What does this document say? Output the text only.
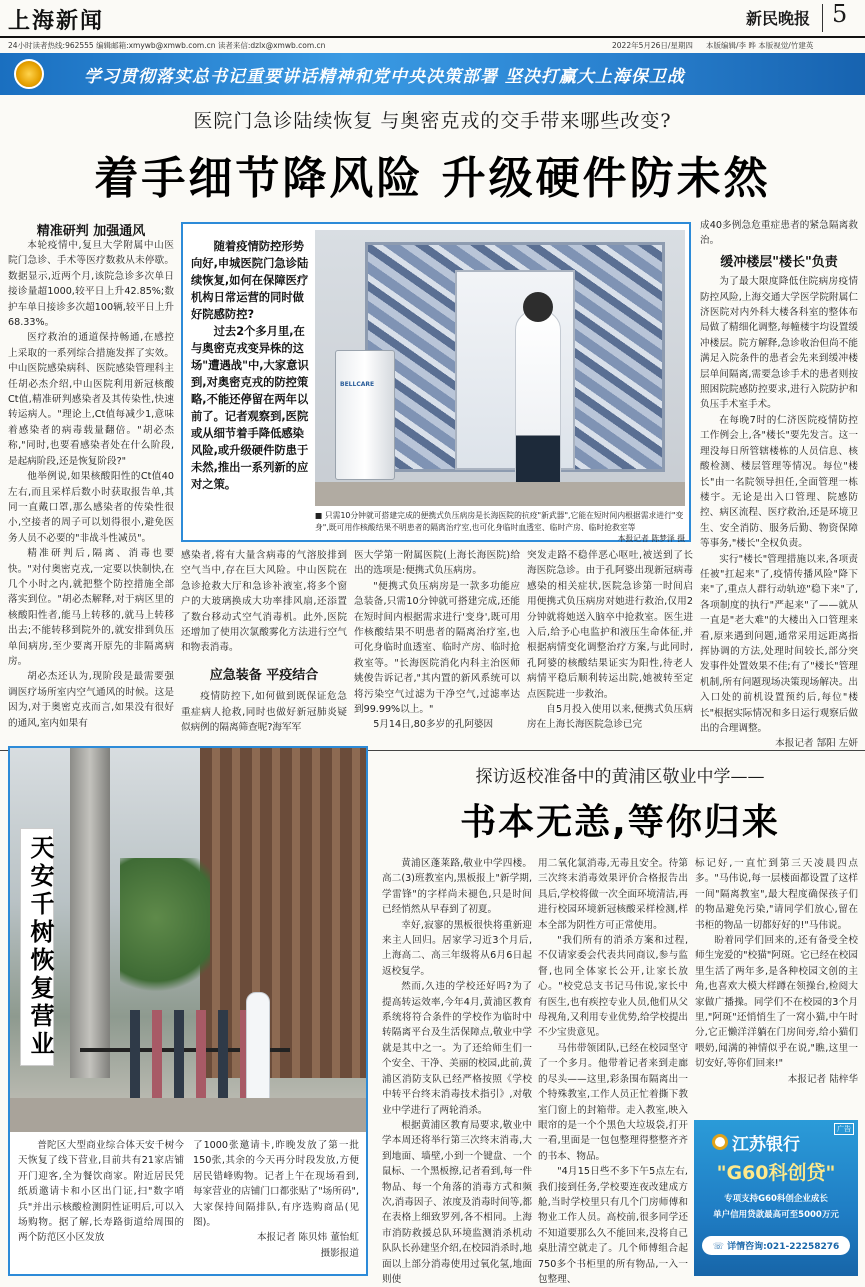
上海新闻	新民晚报 5
24小时读者热线:962555 编辑邮箱:xmywb@xmwb.com.cn 读者来信:dzlx@xmwb.com.cn	2022年5月26日/星期四 本版编辑/李 晔 本版视觉/竹建英
学习贯彻落实总书记重要讲话精神和党中央决策部署 坚决打赢大上海保卫战
医院门急诊陆续恢复 与奥密克戎的交手带来哪些改变?
着手细节降风险 升级硬件防未然
精准研判 加强通风

本轮疫情中,复旦大学附属中山医院门急诊、手术等医疗数救从未停歇。数据显示,近两个月,该院急诊多次单日接诊量超1000,较平日上升42.85%;数护车单日接诊多次超100辆,较平日上升68.33%。

医疗救治的通道保持畅通,在感控上采取的一系列综合措施发挥了实效。中山医院感染病科、医院感染管理科主任胡必杰介绍,中山医院利用新冠核酸Ct值,精准研判感染者及其传染性,快速转运病人。"理论上,Ct值每减少1,意味着感染者的病毒载量翻倍。"胡必杰称,"同时,也要看感染者处在什么阶段,是起病阶段,还是恢复阶段?"

他举例说,如果核酸阳性的Ct值40左右,而且采样后数小时获取报告单,其同一直戴口罩,那么感染者的传染性很小,空接者的周子可以划得很小,避免医务人员不必要的"非战斗性减员"。

精准研判后,隔离、消毒也要快。"对付奥密克戎,一定要以快制快,在几个小时之内,就把整个防控措施全部落实到位。"胡必杰解释,对于病区里的核酸阳性者,能马上转移的,就马上转移出去;不能转移到院外的,就安排到负压单间病房,至少要离开原先的非隔离病房。

胡必杰还认为,现阶段是最需要强调医疗场所室内空气通风的时候。这是因为,对于奥密克戎而言,如果没有很好的通风,室内如果有

随着疫情防控形势向好,申城医院门急诊陆续恢复,如何在保障医疗机构日常运营的同时做好院感防控?

过去2个多月里,在与奥密克戎变异株的这场"遭遇战"中,大家意识到,对奥密克戎的防控策略,不能还停留在两年以前了。记者观察到,医院或从细节着手降低感染风险,或升级硬件防患于未然,推出一系列新的应对之策。

BELLCARE
■ 只需10分钟就可搭建完成的便携式负压病房是长海医院的抗疫"新武器",它能在短时间内根据需求进行"变身",既可用作核酸结果不明患者的隔离治疗室,也可化身临时血透室、临时产房、临时抢救室等
本报记者 陈梦泽 摄

感染者,将有大量含病毒的气溶胶排到空气当中,存在巨大风险。中山医院在急诊抢救大厅和急诊补液室,将多个窗户的大玻璃换成大功率排风扇,还添置了数台移动式空气消毒机。此外,医院还增加了使用次氯酸雾化方法进行空气和物表消毒。

应急装备 平疫结合

疫情防控下,如何做到既保证危急重症病人抢救,同时也做好新冠肺炎疑似病例的隔离筛查呢?海军军

医大学第一附属医院(上海长海医院)给出的选项是:便携式负压病房。

"便携式负压病房是一款多功能应急装备,只需10分钟就可搭建完成,还能在短时间内根据需求进行'变身',既可用作核酸结果不明患者的隔离治疗室,也可化身临时血透室、临时产房、临时抢救室等。"长海医院消化内科主治医师姚俊告诉记者,"其内置的新风系统可以将污染空气过滤为干净空气,过滤率达到99.99%以上。"

5月14日,80多岁的孔阿婆因

突发走路不稳伴恶心呕吐,被送到了长海医院急诊。由于孔阿婆出现新冠病毒感染的相关症状,医院急诊第一时间启用便携式负压病房对她进行救治,仅用2分钟就将她送入脑卒中抢救室。医生进入后,给予心电监护和液压生命体征,并根据病情变化调整治疗方案,与此同时,孔阿婆的核酸结果证实为阳性,待老人病情平稳后顺利转运出院,她被转至定点医院进一步救治。

自5月投入使用以来,便携式负压病房在上海长海医院急诊已完

成40多例急危重症患者的紧急隔离救治。

缓冲楼层"楼长"负责

为了最大限度降低住院病房疫情防控风险,上海交通大学医学院附属仁济医院对内外科大楼各科室的整体布局做了精细化调整,每幢楼宇均设置缓冲楼层。院方解释,急诊收治但尚不能满足入院条件的患者会先来到缓冲楼层单间隔离,需要急诊手术的患者则按照困院院感防控要求,进行入院防护和负压手术室手术。

在每晚7时的仁济医院疫情防控工作例会上,各"楼长"要先发言。这一理没每日所管辖楼栋的人员信息、核酸检测、楼层管理等情况。每位"楼长"由一名院领导担任,全面管理一栋楼宇。无论是出入口管理、院感防控、病区流程、医疗救治,还是环境卫生、安全消防、服务后勤、物资保障等事务,"楼长"全权负责。

实行"楼长"管理措施以来,各项责任被"扛起来"了,疫情传播风险"降下来"了,重点人群行动轨迹"稳下来"了,各项制度的执行"严起来"了——就从一直是"老大难"的大楼出入口管理来看,原来遇到问题,通常采用远距离指挥协调的方法,处理时间较长,部分突发事件处置效果不佳;有了"楼长"管理机制,所有问题现场决策现场解决。出入口处的前机设置预约后,每位"楼长"根据实际情况和多日运行观察后做出的合理调整。

本报记者 郜阳 左妍

天安千树恢复营业

普陀区大型商业综合体天安千树今天恢复了线下营业,目前共有21家店铺开门迎客,全为餐饮商家。附近居民凭纸质邀请卡和小区出门证,扫"数字哨兵"并出示核酸检测阴性证明后,可以入场购物。据了解,长寿路街道给周围的两个防范区小区发放

了1000张邀请卡,昨晚发放了第一批150张,其余的今天再分时段发放,方便居民错峰购物。记者上午在现场看到,每家营业的店铺门口都张贴了"场所码",大家保持间隔排队,有序选购商品(见图)。

本报记者 陈贝炜 董怡虹

摄影报道

探访返校准备中的黄浦区敬业中学——
书本无恙,等你归来

黄浦区蓬莱路,敬业中学四楼。高二(3)班教室内,黑板报上"新学期,学雷锋"的字样尚未褪色,只是时间已经悄然从早春到了初夏。

幸好,寂寥的黑板很快将重新迎来主人回归。居家学习近3个月后,上海高二、高三年级将从6月6日起返校复学。

然而,久违的学校还好吗?为了提高转运效率,今年4月,黄浦区教育系统将符合条件的学校作为临时中转隔离平台及生活保障点,敬业中学就是其中之一。为了还给师生们一个安全、干净、美丽的校园,此前,黄浦区消防支队已经严格按照《学校中转平台终末消毒技术指引》,对敬业中学进行了两轮消杀。

根据黄浦区教育局要求,敬业中学本周还将举行第三次终末消毒,大到地面、墙壁,小到一个键盘、一个鼠标、一个黑板擦,记者看到,每一件物品、每一个角落的消毒方式和频次,消毒因子、浓度及消毒时间等,都在表格上细致罗列,各不相同。上海市消防救援总队环境监测消杀机动队队长孙建坚介绍,在校园消杀时,地面以上部分消毒使用过氧化氢,地面则使

用二氧化氯消毒,无毒且安全。待第三次终末消毒效果评价合格报告出具后,学校将做一次全面环境清洁,再进行校园环境新冠核酸采样检测,样本全部为阴性方可正常使用。

"我们所有的消杀方案和过程,不仅请家委会代表共同商议,参与监督,也同全体家长公开,让家长放心。"校党总支书记马伟说,家长中有医生,也有疾控专业人员,他们从父母视角,又利用专业优势,给学校提出不少宝贵意见。

马伟带领团队,已经在校园坚守了一个多月。他带着记者来到走廊的尽头——这里,彩条围布隔离出一个特殊教室,工作人员正忙着撕下教室门窗上的封箱带。走入教室,映入眼帘的是一个个黑色大垃圾袋,打开一看,里面是一包包整理得整整齐齐的书本、物品。

"4月15日些不多下午5点左右,我们接到任务,学校要连夜改建成方舱,当时学校里只有几个门房师傅和物业工作人员。高校前,很多同学还不知道要那么久不能回来,没将自己桌肚清空就走了。几个师傅组合起750多个书柜里的所有物品,一入一包整理、

标记好,一直忙到第三天凌晨四点多。"马伟说,每一层楼面都设置了这样一间"隔离教室",最大程度确保孩子们的物品避免污染,"请同学们放心,留在书柜的物品一切都好好的!"马伟说。

盼着同学们回来的,还有备受全校师生宠爱的"校猫"阿斑。它已经在校园里生活了两年多,是各种校园文创的主角,也喜欢大模大样蹲在领操台,检阅大家做广播操。同学们不在校园的3个月里,"阿斑"还悄悄生了一窝小猫,中午时分,它正懒洋洋躺在门房间旁,给小猫们喂奶,闻满的神情似乎在说,"瞧,这里一切安好,等你们回来!"

本报记者 陆梓华

广告
江苏银行
"G60科创贷"
专项支持G60科创企业成长
单户信用贷款最高可至5000万元
☏ 详情咨询:021-22258276
